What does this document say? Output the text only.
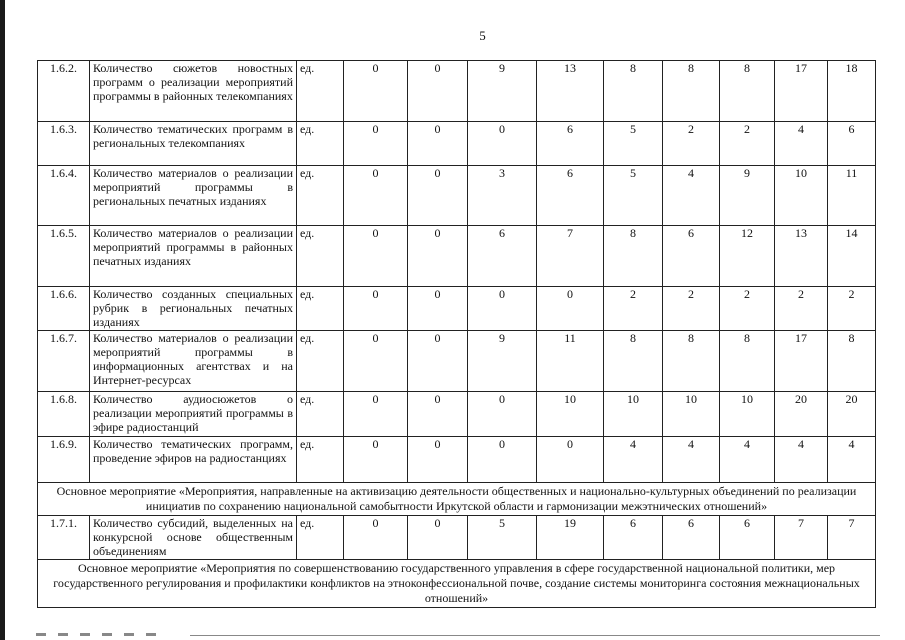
5
1.6.2.	Количество сюжетов новостных программ о реализации мероприятий программы в районных телекомпаниях	ед.	0	0	9	13	8	8	8	17	18
1.6.3.	Количество тематических программ в региональных телекомпаниях	ед.	0	0	0	6	5	2	2	4	6
1.6.4.	Количество материалов о реализации мероприятий программы в региональных печатных изданиях	ед.	0	0	3	6	5	4	9	10	11
1.6.5.	Количество материалов о реализации мероприятий программы в районных печатных изданиях	ед.	0	0	6	7	8	6	12	13	14
1.6.6.	Количество созданных специальных рубрик в региональных печатных изданиях	ед.	0	0	0	0	2	2	2	2	2
1.6.7.	Количество материалов о реализации мероприятий программы в информационных агентствах и на Интернет-ресурсах	ед.	0	0	9	11	8	8	8	17	8
1.6.8.	Количество аудиосюжетов о реализации мероприятий программы в эфире радиостанций	ед.	0	0	0	10	10	10	10	20	20
1.6.9.	Количество тематических программ, проведение эфиров на радиостанциях	ед.	0	0	0	0	4	4	4	4	4
Основное мероприятие «Мероприятия, направленные на активизацию деятельности общественных и национально-культурных объединений по реализации инициатив по сохранению национальной самобытности Иркутской области и гармонизации межэтнических отношений»											
1.7.1.	Количество субсидий, выделенных на конкурсной основе общественным объединениям	ед.	0	0	5	19	6	6	6	7	7
Основное мероприятие «Мероприятия по совершенствованию государственного управления в сфере государственной национальной политики, мер государственного регулирования и профилактики конфликтов на этноконфессиональной почве, создание системы мониторинга состояния межнациональных отношений»											
